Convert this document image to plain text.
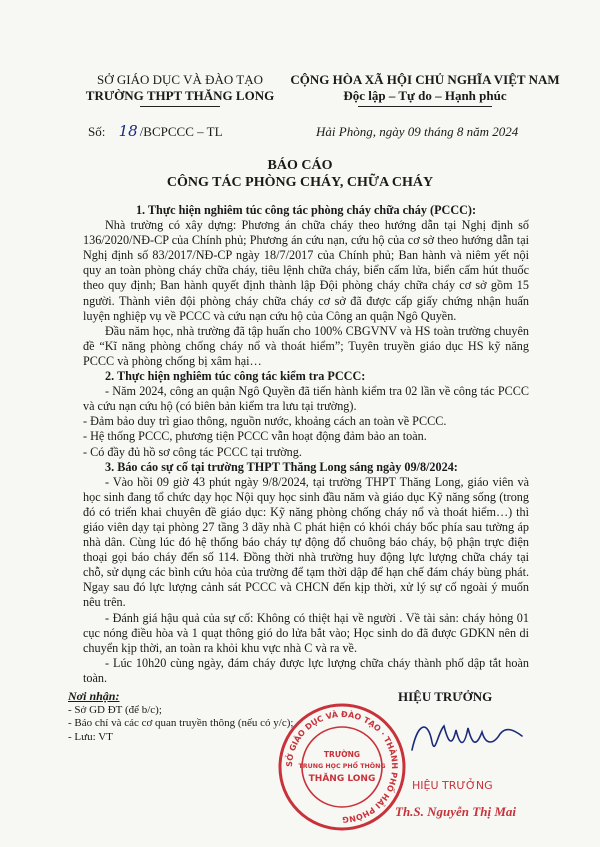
SỞ GIÁO DỤC VÀ ĐÀO TẠO
TRƯỜNG THPT THĂNG LONG
CỘNG HÒA XÃ HỘI CHỦ NGHĨA VIỆT NAM
Độc lập – Tự do – Hạnh phúc
Số: 18 /BCPCCC – TL	Hải Phòng, ngày 09 tháng 8 năm 2024
BÁO CÁO
CÔNG TÁC PHÒNG CHÁY, CHỮA CHÁY

1. Thực hiện nghiêm túc công tác phòng cháy chữa cháy (PCCC):

Nhà trường có xây dựng: Phương án chữa cháy theo hướng dẫn tại Nghị định số 136/2020/NĐ-CP của Chính phủ; Phương án cứu nạn, cứu hộ của cơ sở theo hướng dẫn tại Nghị định số 83/2017/NĐ-CP ngày 18/7/2017 của Chính phủ; Ban hành và niêm yết nội quy an toàn phòng cháy chữa cháy, tiêu lệnh chữa cháy, biển cấm lửa, biển cấm hút thuốc theo quy định; Ban hành quyết định thành lập Đội phòng cháy chữa cháy cơ sở gồm 15 người. Thành viên đội phòng cháy chữa cháy cơ sở đã được cấp giấy chứng nhận huấn luyện nghiệp vụ về PCCC và cứu nạn cứu hộ của Công an quận Ngô Quyền.

Đầu năm học, nhà trường đã tập huấn cho 100% CBGVNV và HS toàn trường chuyên đề “Kĩ năng phòng chống cháy nổ và thoát hiểm”; Tuyên truyền giáo dục HS kỹ năng PCCC và phòng chống bị xâm hại…

2. Thực hiện nghiêm túc công tác kiểm tra PCCC:

- Năm 2024, công an quận Ngô Quyền đã tiến hành kiểm tra 02 lần về công tác PCCC và cứu nạn cứu hộ (có biên bản kiểm tra lưu tại trường).

- Đảm bảo duy trì giao thông, nguồn nước, khoảng cách an toàn về PCCC.

- Hệ thống PCCC, phương tiện PCCC vẫn hoạt động đảm bảo an toàn.

- Có đầy đủ hồ sơ công tác PCCC tại trường.

3. Báo cáo sự cố tại trường THPT Thăng Long sáng ngày 09/8/2024:

- Vào hồi 09 giờ 43 phút ngày 9/8/2024, tại trường THPT Thăng Long, giáo viên và học sinh đang tổ chức dạy học Nội quy học sinh đầu năm và giáo dục Kỹ năng sống (trong đó có triển khai chuyên đề giáo dục: Kỹ năng phòng chống cháy nổ và thoát hiểm…) thì giáo viên dạy tại phòng 27 tầng 3 dãy nhà C phát hiện có khói cháy bốc phía sau tường áp nhà dân. Cùng lúc đó hệ thống báo cháy tự động đổ chuông báo cháy, bộ phận trực điện thoại gọi báo cháy đến số 114. Đồng thời nhà trường huy động lực lượng chữa cháy tại chỗ, sử dụng các bình cứu hỏa của trường để tạm thời dập để hạn chế đám cháy bùng phát. Ngay sau đó lực lượng cảnh sát PCCC và CHCN đến kịp thời, xử lý sự cố ngoài ý muốn nêu trên.

- Đánh giá hậu quả của sự cố: Không có thiệt hại về người . Về tài sản: cháy hỏng 01 cục nóng điều hòa và 1 quạt thông gió do lửa bắt vào; Học sinh do đã được GDKN nên di chuyển kịp thời, an toàn ra khỏi khu vực nhà C và ra về.

- Lúc 10h20 cùng ngày, đám cháy được lực lượng chữa cháy thành phố dập tắt hoàn toàn.

Nơi nhận:
- Sở GD ĐT (để b/c);
- Báo chí và các cơ quan truyền thông (nếu có y/c);
- Lưu: VT
HIỆU TRƯỞNG
SỞ GIÁO DỤC VÀ ĐÀO TẠO · THÀNH PHỐ HẢI PHÒNG
TRƯỜNG
TRUNG HỌC PHỔ THÔNG
THĂNG LONG	HIỆU TRƯỞNG
Th.S. Nguyễn Thị Mai
